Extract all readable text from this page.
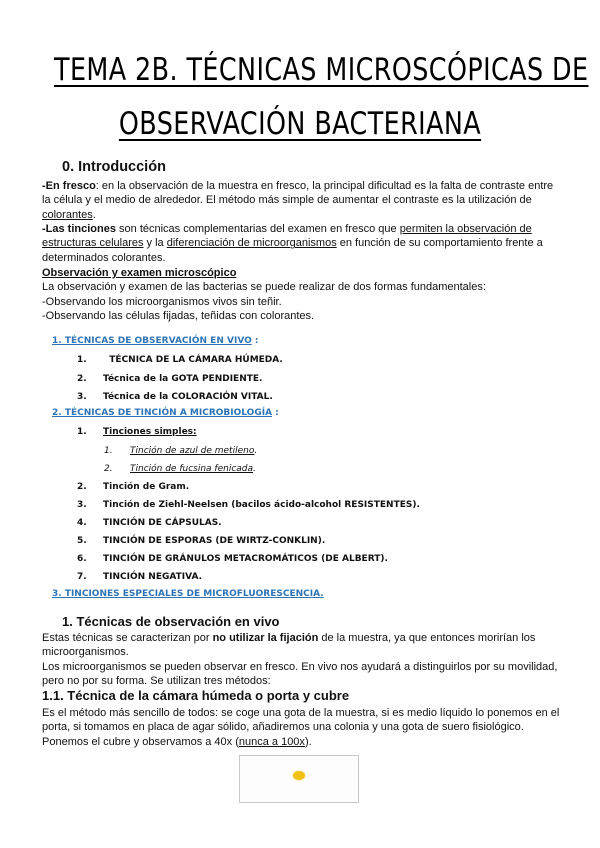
TEMA 2B. TÉCNICAS MICROSCÓPICAS DE
OBSERVACIÓN BACTERIANA
0. Introducción
-En fresco: en la observación de la muestra en fresco, la principal dificultad es la falta de contraste entre la célula y el medio de alrededor. El método más simple de aumentar el contraste es la utilización de colorantes.
-Las tinciones son técnicas complementarias del examen en fresco que permiten la observación de estructuras celulares y la diferenciación de microorganismos en función de su comportamiento frente a determinados colorantes.
Observación y examen microscópico
La observación y examen de las bacterias se puede realizar de dos formas fundamentales:
-Observando los microorganismos vivos sin teñir.
-Observando las células fijadas, teñidas con colorantes.
1. TÉCNICAS DE OBSERVACIÓN EN VIVO :
1.	TÉCNICA DE LA CÁMARA HÚMEDA.
2. Técnica de la GOTA PENDIENTE.
3. Técnica de la COLORACIÓN VITAL.
2. TÉCNICAS DE TINCIÓN A MICROBIOLOGÍA :
1. Tinciones simples:
1. Tinción de azul de metileno.
2. Tinción de fucsina fenicada.
2. Tinción de Gram.
3. Tinción de Ziehl-Neelsen (bacilos ácido-alcohol RESISTENTES).
4. TINCIÓN DE CÁPSULAS.
5. TINCIÓN DE ESPORAS (DE WIRTZ-CONKLIN).
6. TINCIÓN DE GRÁNULOS METACROMÁTICOS (DE ALBERT).
7. TINCIÓN NEGATIVA.
3. TINCIONES ESPECIALES DE MICROFLUORESCENCIA.
1. Técnicas de observación en vivo
Estas técnicas se caracterizan por no utilizar la fijación de la muestra, ya que entonces morirían los microorganismos.
Los microorganismos se pueden observar en fresco. En vivo nos ayudará a distinguirlos por su movilidad, pero no por su forma. Se utilizan tres métodos:
1.1. Técnica de la cámara húmeda o porta y cubre
Es el método más sencillo de todos: se coge una gota de la muestra, si es medio líquido lo ponemos en el porta, si tomamos en placa de agar sólido, añadiremos una colonia y una gota de suero fisiológico. Ponemos el cubre y observamos a 40x (nunca a 100x).
